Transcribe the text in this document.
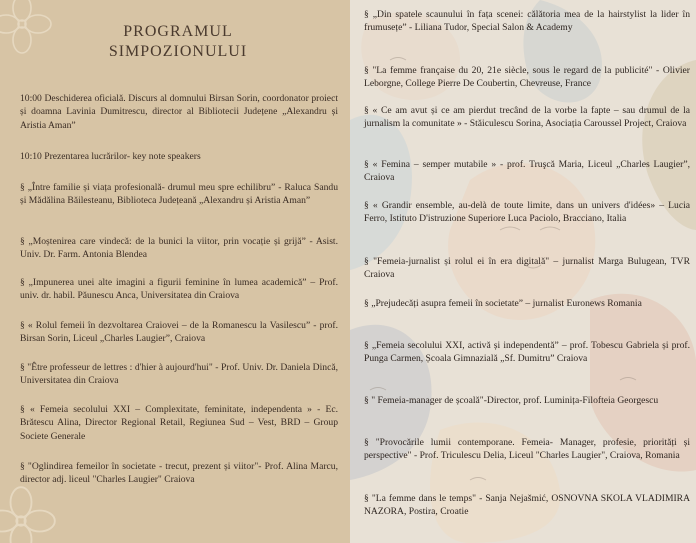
PROGRAMUL
SIMPOZIONULUI
10:00 Deschiderea oficială. Discurs al domnului Birsan Sorin, coordonator proiect și doamna Lavinia Dumitrescu, director al Bibliotecii Județene „Alexandru și Aristia Aman”
10:10 Prezentarea lucrărilor- key note speakers
§ „Între familie și viața profesională- drumul meu spre echilibru” - Raluca Sandu și Mădălina Băilesteanu, Biblioteca Județeană „Alexandru și Aristia Aman”
§ „Moștenirea care vindecă: de la bunici la viitor, prin vocație și grijă” - Asist. Univ. Dr. Farm. Antonia Blendea
§ „Impunerea unei alte imagini a figurii feminine în lumea academică” – Prof. univ. dr. habil. Păunescu Anca, Universitatea din Craiova
§ « Rolul femeii în dezvoltarea Craiovei – de la Romanescu la Vasilescu” - prof. Birsan Sorin, Liceul „Charles Laugier”, Craiova
§ "Être professeur de lettres : d'hier à aujourd'hui" - Prof. Univ. Dr. Daniela Dincă, Universitatea din Craiova
§ « Femeia secolului XXI – Complexitate, feminitate, independenta » - Ec. Brătescu Alina, Director Regional Retail, Regiunea Sud – Vest, BRD – Group Societe Generale
§ "Oglindirea femeilor în societate - trecut, prezent și viitor"- Prof. Alina Marcu, director adj. liceul "Charles Laugier" Craiova
§ „Din spatele scaunului în fața scenei: călătoria mea de la hairstylist la lider în frumusețe” - Liliana Tudor, Special Salon & Academy
§ "La femme française du 20, 21e siècle, sous le regard de la publicité" - Olivier Leborgne, College Pierre De Coubertin, Chevreuse, France
§ « Ce am avut și ce am pierdut trecând de la vorbe la fapte – sau drumul de la jurnalism la comunitate » - Stăiculescu Sorina, Asociația Caroussel Project, Craiova
§ « Femina – semper mutabile » - prof. Truşcă Maria, Liceul „Charles Laugier”, Craiova
§ « Grandir ensemble, au-delà de toute limite, dans un univers d'idées» – Lucia Ferro, Istituto D'istruzione Superiore Luca Paciolo, Bracciano, Italia
§ "Femeia-jurnalist și rolul ei în era digitală" – jurnalist Marga Bulugean, TVR Craiova
§ „Prejudecăți asupra femeii în societate” – jurnalist Euronews Romania
§ „Femeia secolului XXI, activă și independentă” – prof. Tobescu Gabriela și prof. Punga Carmen, Școala Gimnazială „Sf. Dumitru” Craiova
§ " Femeia-manager de școală"-Director, prof. Luminița-Filofteia Georgescu
§ "Provocările lumii contemporane. Femeia- Manager, profesie, priorități și perspective" - Prof. Triculescu Delia, Liceul "Charles Laugier", Craiova, Romania
§ "La femme dans le temps" - Sanja Nejašmić, OSNOVNA SKOLA VLADIMIRA NAZORA, Postira, Croatie
